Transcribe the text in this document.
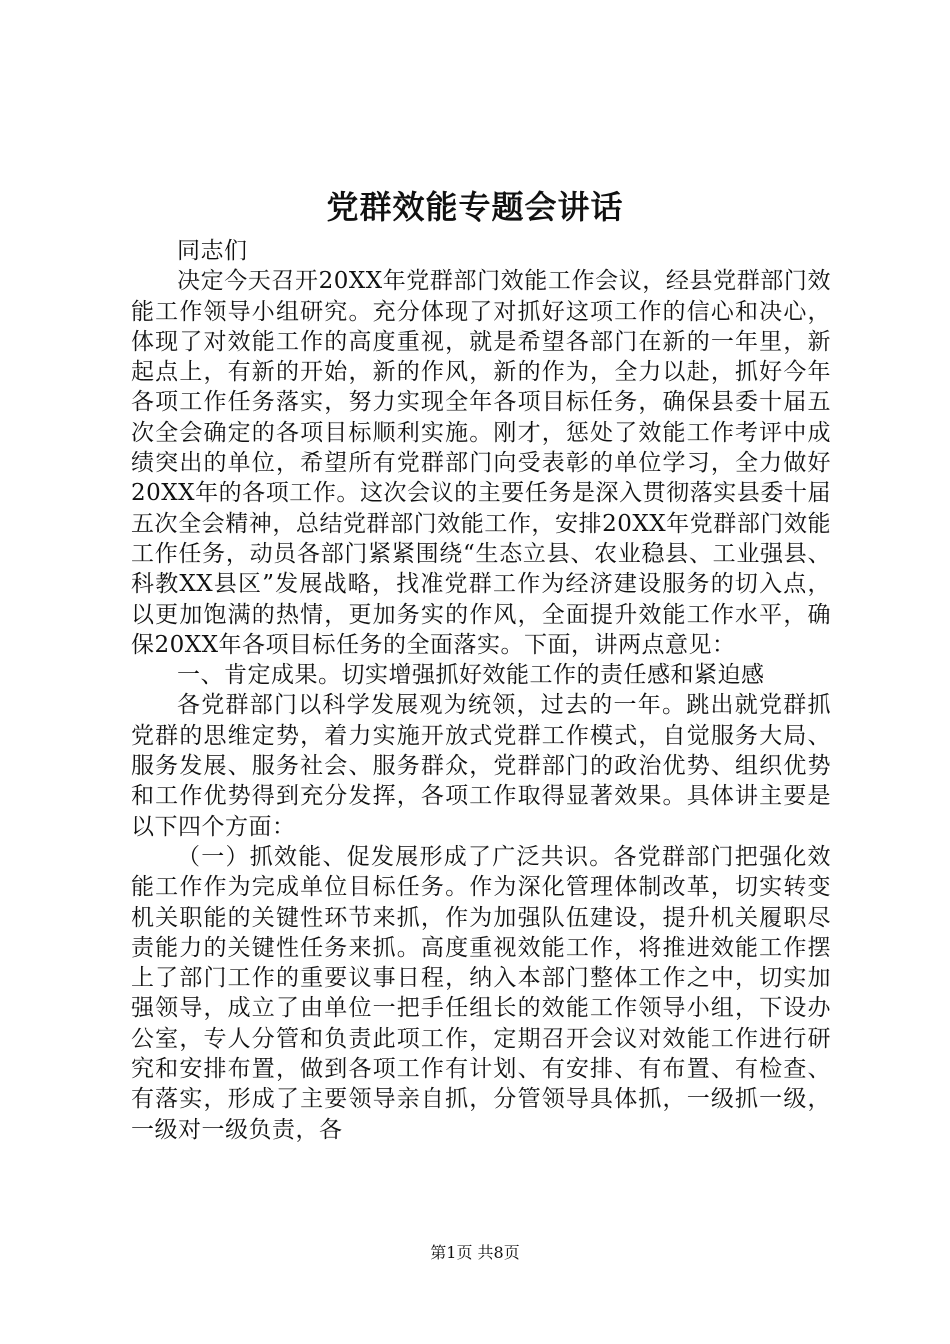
党群效能专题会讲话

同志们

决定今天召开20XX年党群部门效能工作会议，经县党群部门效能工作领导小组研究。充分体现了对抓好这项工作的信心和决心，体现了对效能工作的高度重视，就是希望各部门在新的一年里，新起点上，有新的开始，新的作风，新的作为，全力以赴，抓好今年各项工作任务落实，努力实现全年各项目标任务，确保县委十届五次全会确定的各项目标顺利实施。刚才，惩处了效能工作考评中成绩突出的单位，希望所有党群部门向受表彰的单位学习，全力做好20XX年的各项工作。这次会议的主要任务是深入贯彻落实县委十届五次全会精神，总结党群部门效能工作，安排20XX年党群部门效能工作任务，动员各部门紧紧围绕“生态立县、农业稳县、工业强县、科教XX县区”发展战略，找准党群工作为经济建设服务的切入点，以更加饱满的热情，更加务实的作风，全面提升效能工作水平，确保20XX年各项目标任务的全面落实。下面，讲两点意见：

一、肯定成果。切实增强抓好效能工作的责任感和紧迫感

各党群部门以科学发展观为统领，过去的一年。跳出就党群抓党群的思维定势，着力实施开放式党群工作模式，自觉服务大局、服务发展、服务社会、服务群众，党群部门的政治优势、组织优势和工作优势得到充分发挥，各项工作取得显著效果。具体讲主要是以下四个方面：

（一）抓效能、促发展形成了广泛共识。各党群部门把强化效能工作作为完成单位目标任务。作为深化管理体制改革，切实转变机关职能的关键性环节来抓，作为加强队伍建设，提升机关履职尽责能力的关键性任务来抓。高度重视效能工作，将推进效能工作摆上了部门工作的重要议事日程，纳入本部门整体工作之中，切实加强领导，成立了由单位一把手任组长的效能工作领导小组，下设办公室，专人分管和负责此项工作，定期召开会议对效能工作进行研究和安排布置，做到各项工作有计划、有安排、有布置、有检查、有落实，形成了主要领导亲自抓，分管领导具体抓，一级抓一级，一级对一级负责，各

第1页 共8页
